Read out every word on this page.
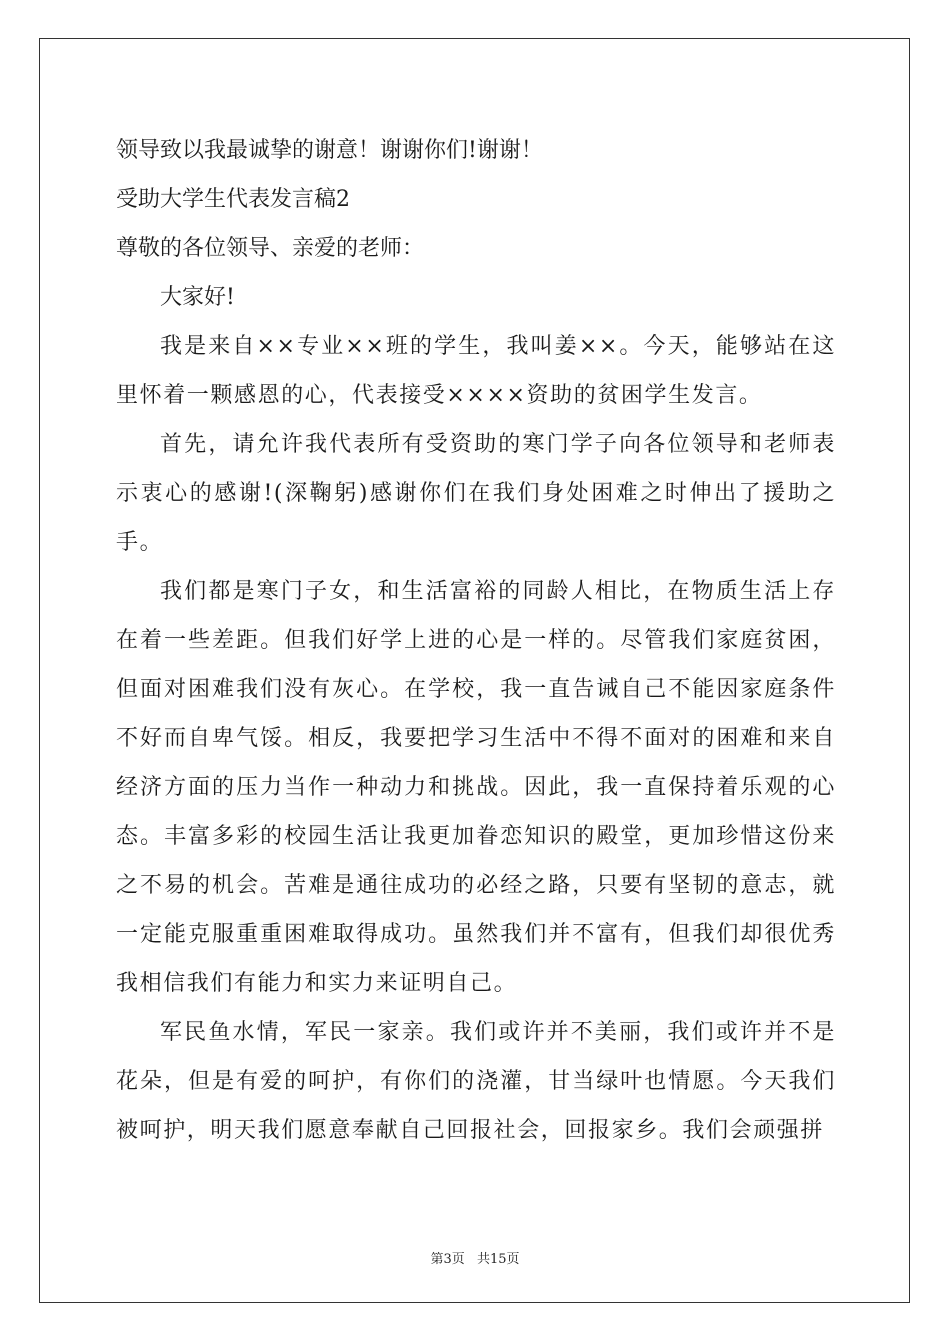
领导致以我最诚挚的谢意！谢谢你们!谢谢！
受助大学生代表发言稿2
尊敬的各位领导、亲爱的老师：
大家好!

我是来自××专业××班的学生，我叫姜××。今天，能够站在这里怀着一颗感恩的心，代表接受××××资助的贫困学生发言。

首先，请允许我代表所有受资助的寒门学子向各位领导和老师表示衷心的感谢!(深鞠躬)感谢你们在我们身处困难之时伸出了援助之手。

我们都是寒门子女，和生活富裕的同龄人相比，在物质生活上存在着一些差距。但我们好学上进的心是一样的。尽管我们家庭贫困，但面对困难我们没有灰心。在学校，我一直告诫自己不能因家庭条件不好而自卑气馁。相反，我要把学习生活中不得不面对的困难和来自经济方面的压力当作一种动力和挑战。因此，我一直保持着乐观的心态。丰富多彩的校园生活让我更加眷恋知识的殿堂，更加珍惜这份来之不易的机会。苦难是通往成功的必经之路，只要有坚韧的意志，就一定能克服重重困难取得成功。虽然我们并不富有，但我们却很优秀我相信我们有能力和实力来证明自己。

军民鱼水情，军民一家亲。我们或许并不美丽，我们或许并不是花朵，但是有爱的呵护，有你们的浇灌，甘当绿叶也情愿。今天我们被呵护，明天我们愿意奉献自己回报社会，回报家乡。我们会顽强拼

第3页 共15页
